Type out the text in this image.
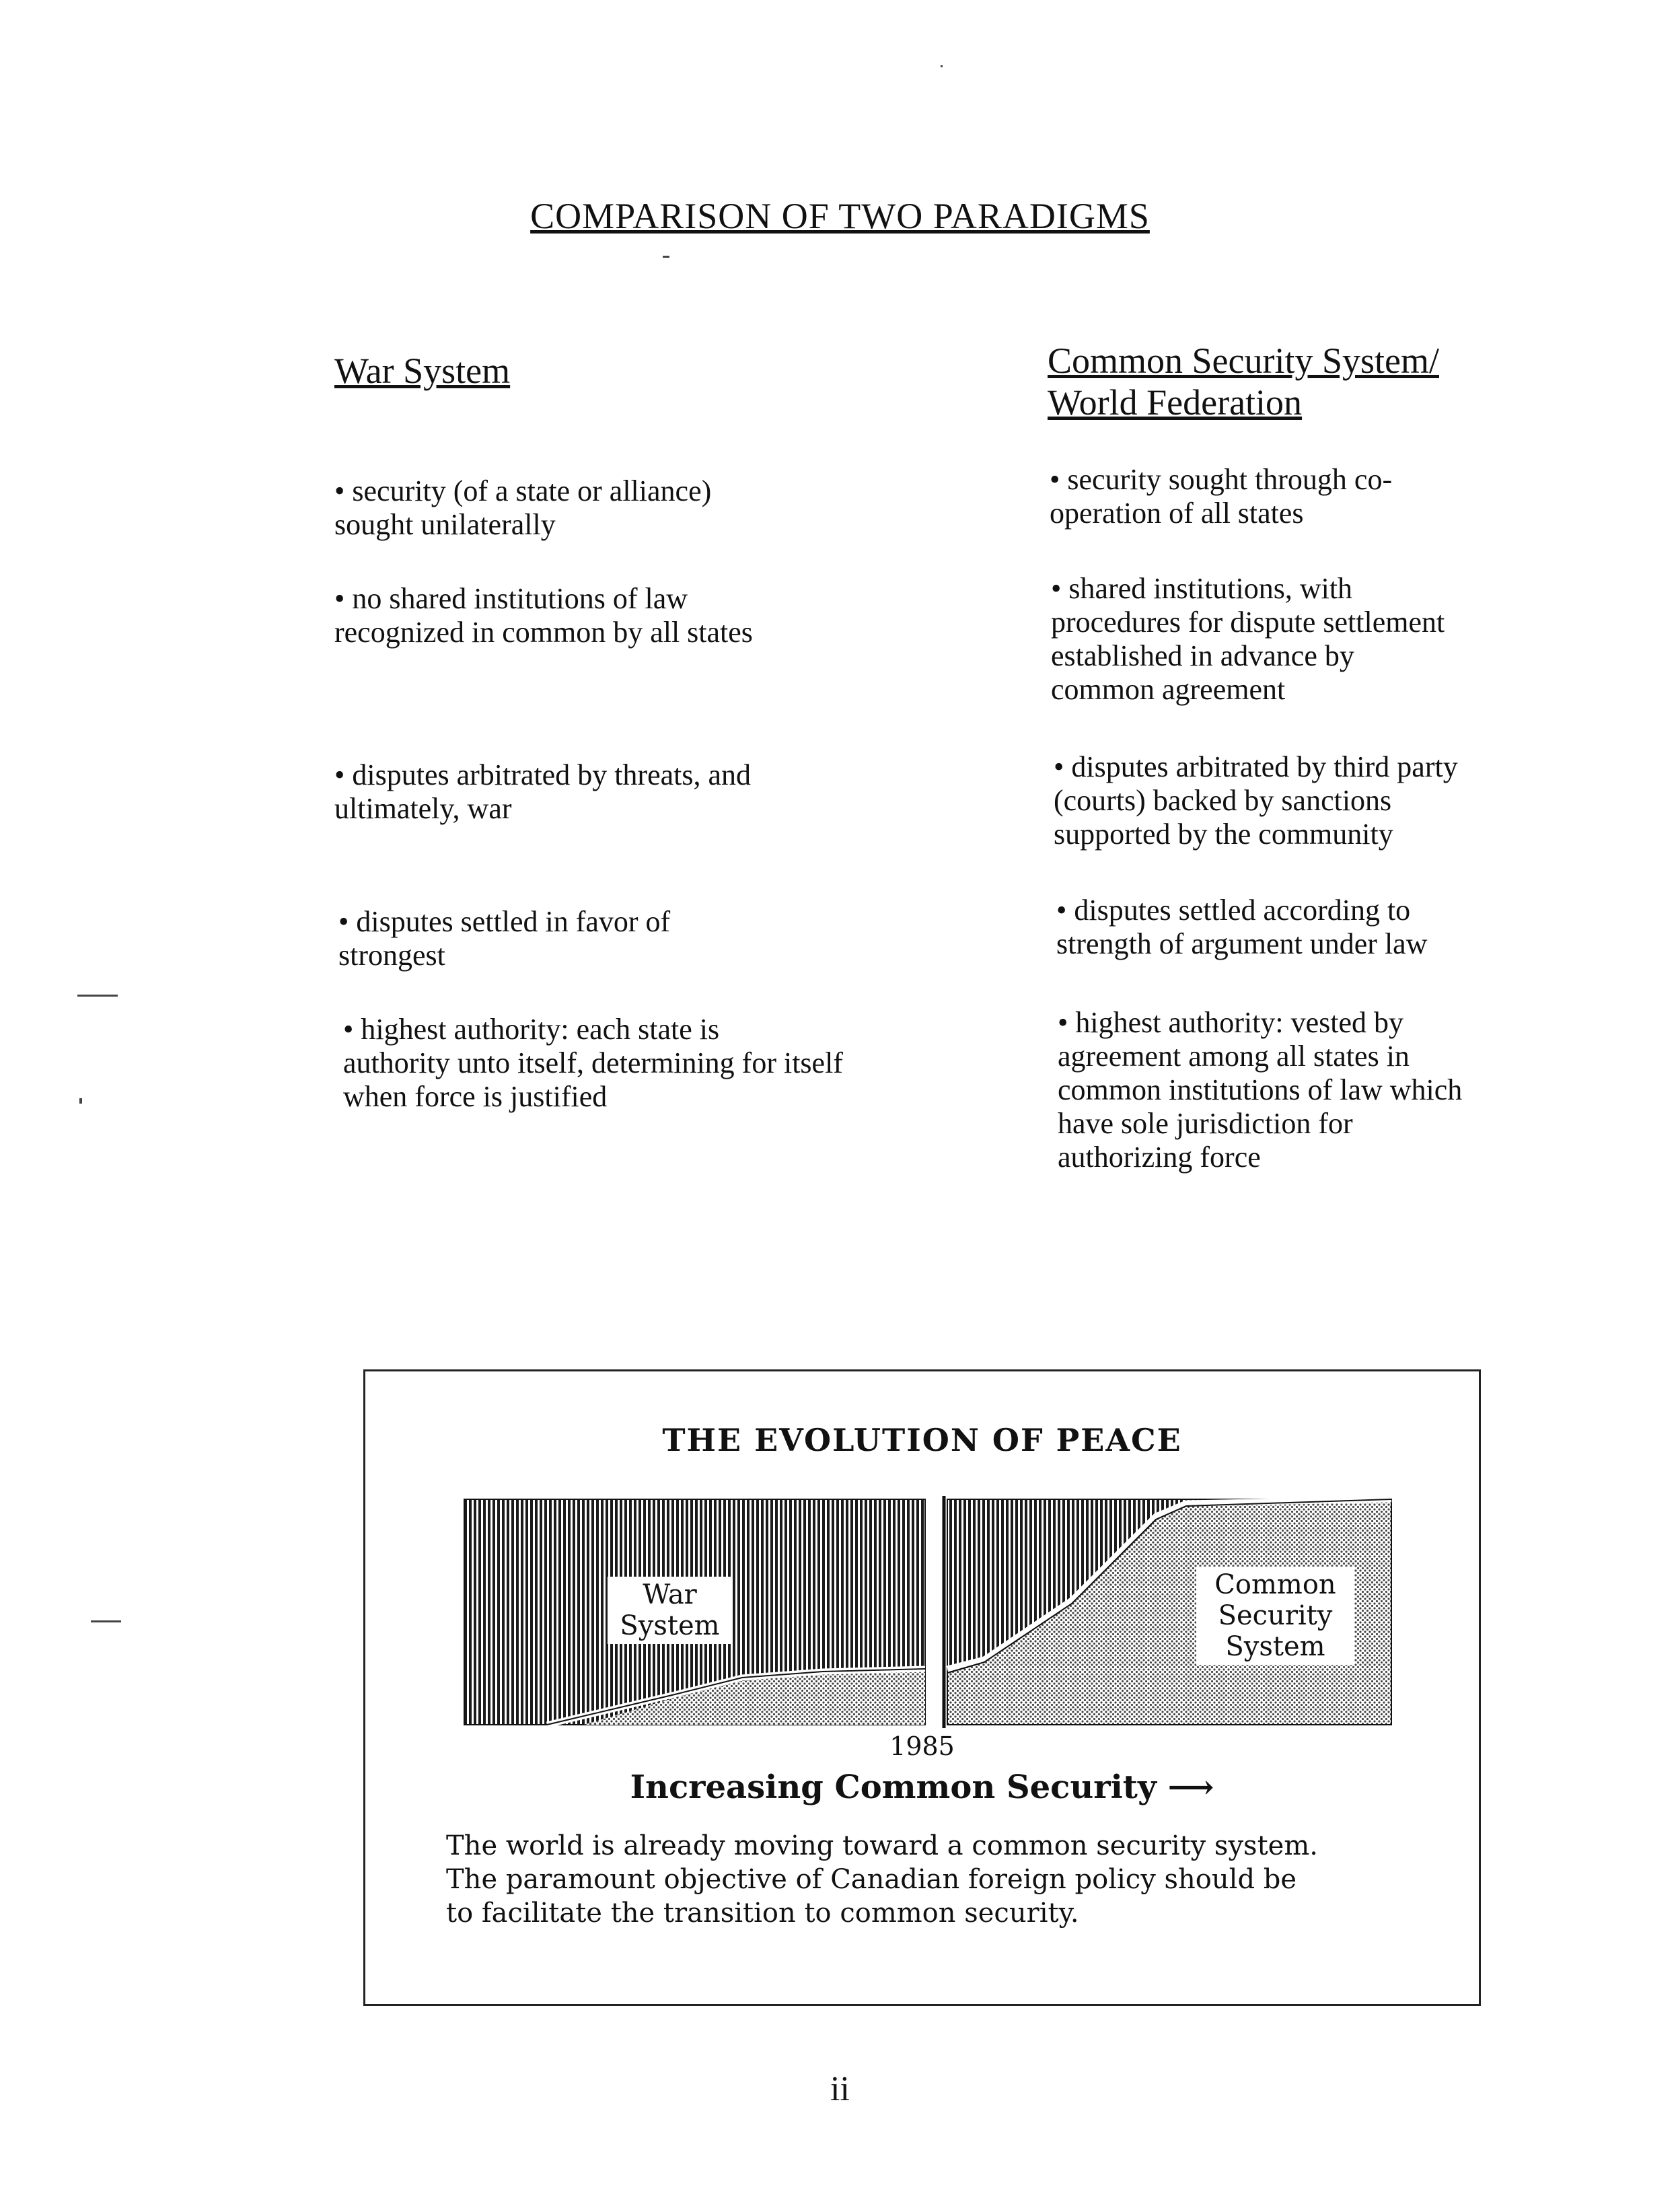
COMPARISON OF TWO PARADIGMS
War System	Common Security System/
World Federation
• security (of a state or alliance)
sought unilaterally
• no shared institutions of law
recognized in common by all states
• disputes arbitrated by threats, and
ultimately, war
• disputes settled in favor of
strongest
• highest authority: each state is
authority unto itself, determining for itself
when force is justified
• security sought through co-
operation of all states
• shared institutions, with
procedures for dispute settlement
established in advance by
common agreement
• disputes arbitrated by third party
(courts) backed by sanctions
supported by the community
• disputes settled according to
strength of argument under law
• highest authority: vested by
agreement among all states in
common institutions of law which
have sole jurisdiction for
authorizing force
THE EVOLUTION OF PEACE
War
System
Common
Security
System
1985
Increasing Common Security ⟶
The world is already moving toward a common security system.
The paramount objective of Canadian foreign policy should be
to facilitate the transition to common security.
ii
